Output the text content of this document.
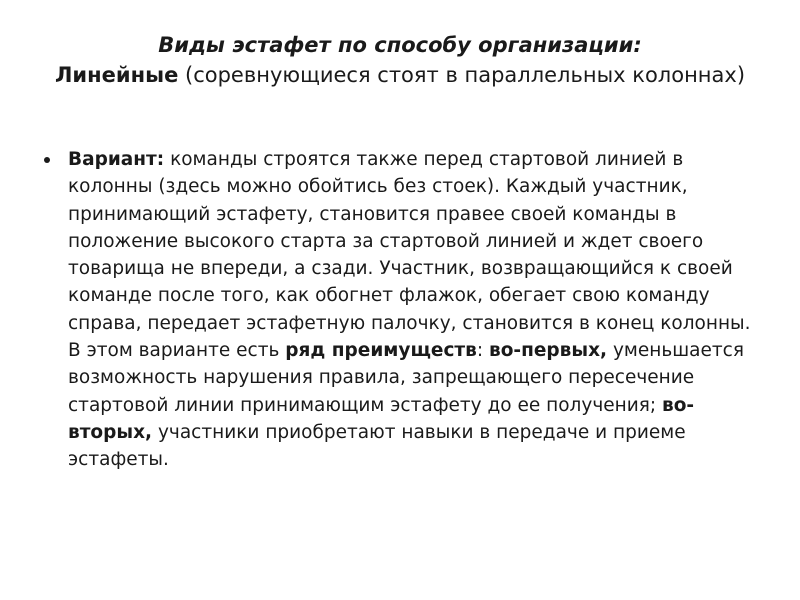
Виды эстафет по способу организации:
Линейные (соревнующиеся стоят в параллельных колоннах)
Вариант: команды строятся также перед стартовой линией в колонны (здесь можно обойтись без стоек). Каждый участник, принимающий эстафету, становится правее своей команды в положение высокого старта за стартовой линией и ждет своего товарища не впереди, а сзади. Участник, возвращающийся к своей команде после того, как обогнет флажок, обегает свою команду справа, передает эстафетную палочку, становится в конец колонны. В этом варианте есть ряд преимуществ: во-первых, уменьшается возможность нарушения правила, запрещающего пересечение стартовой линии принимающим эстафету до ее получения; во-вторых, участники приобретают навыки в передаче и приеме эстафеты.
